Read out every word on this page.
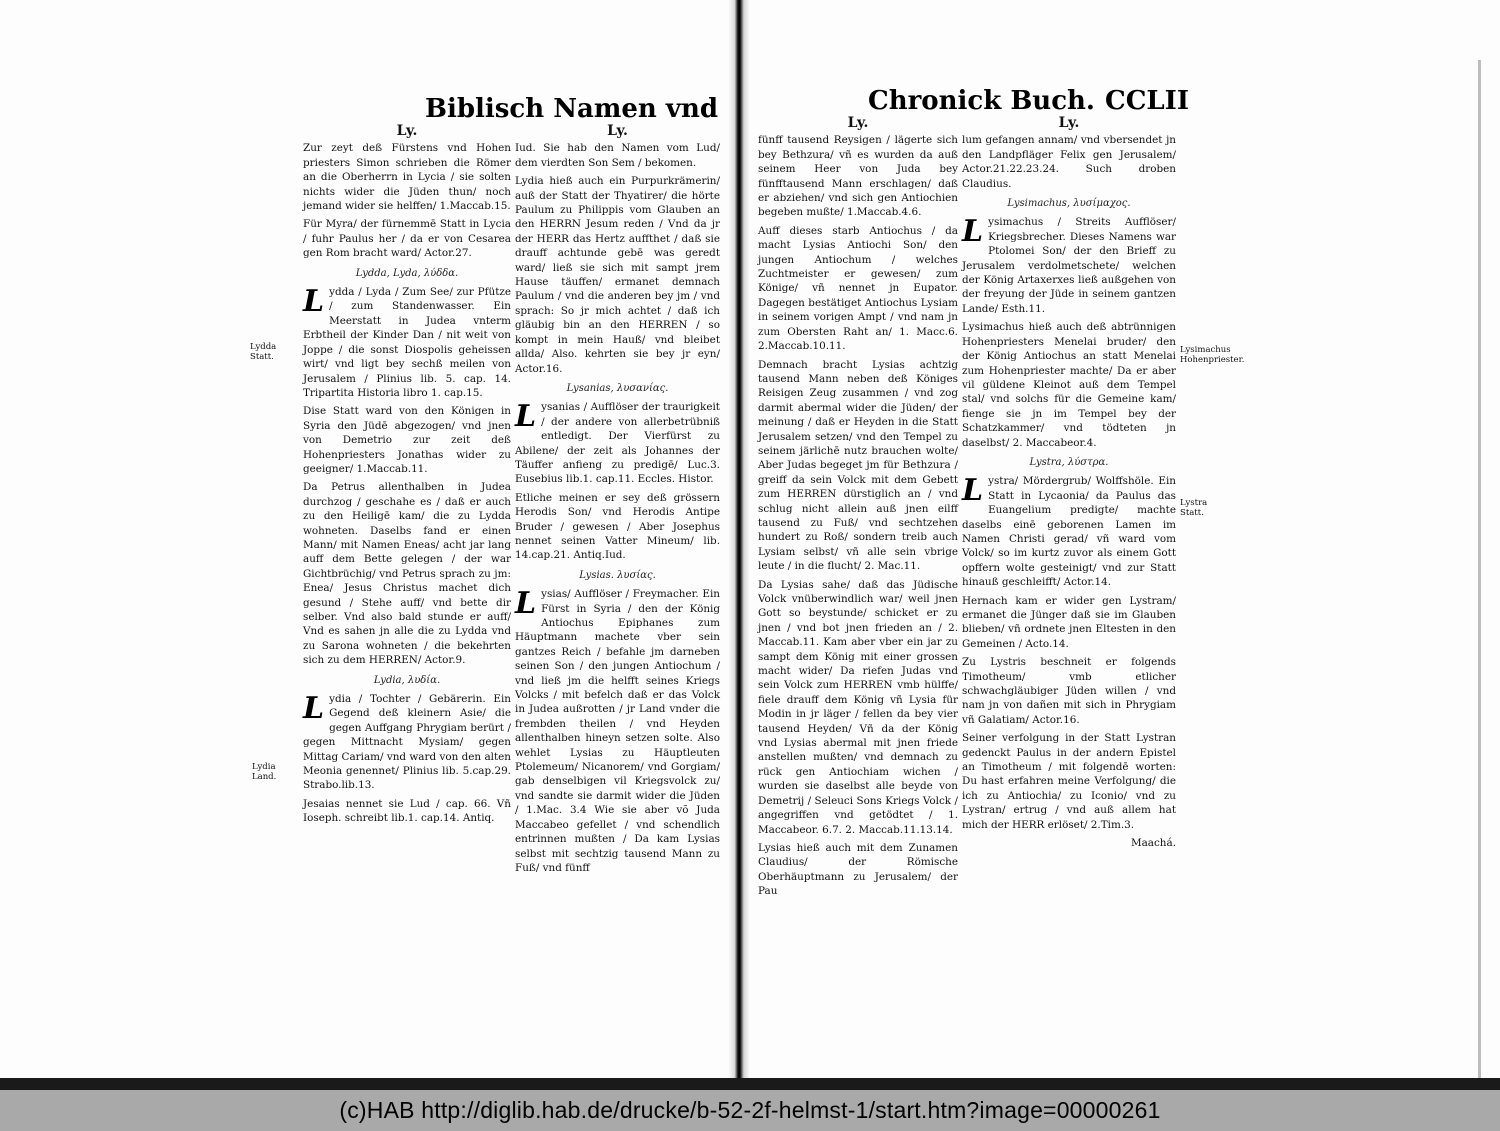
Biblisch Namen vnd
Lydda Statt.
Lydia Land.
Ly.

Zur zeyt deß Fürstens vnd Hohen priesters Simon schrieben die Römer an die Oberherrn in Lycia / sie solten nichts wider die Jüden thun/ noch jemand wider sie helffen/ 1.Maccab.15.

Für Myra/ der fürnemmē Statt in Lycia / fuhr Paulus her / da er von Cesarea gen Rom bracht ward/ Actor.27.

Lydda, Lyda, λύδδα.

Lydda / Lyda / Zum See/ zur Pfütze / zum Standenwasser. Ein Meerstatt in Judea vnterm Erbtheil der Kinder Dan / nit weit von Joppe / die sonst Diospolis geheissen wirt/ vnd ligt bey sechß meilen von Jerusalem / Plinius lib. 5. cap. 14. Tripartita Historia libro 1. cap.15.

Dise Statt ward von den Königen in Syria den Jüdē abgezogen/ vnd jnen von Demetrio zur zeit deß Hohenpriesters Jonathas wider zu geeigner/ 1.Maccab.11.

Da Petrus allenthalben in Judea durchzog / geschahe es / daß er auch zu den Heiligē kam/ die zu Lydda wohneten. Daselbs fand er einen Mann/ mit Namen Eneas/ acht jar lang auff dem Bette gelegen / der war Gichtbrüchig/ vnd Petrus sprach zu jm: Enea/ Jesus Christus machet dich gesund / Stehe auff/ vnd bette dir selber. Vnd also bald stunde er auff/ Vnd es sahen jn alle die zu Lydda vnd zu Sarona wohneten / die bekehrten sich zu dem HERREN/ Actor.9.

Lydia, λυδία.

Lydia / Tochter / Gebärerin. Ein Gegend deß kleinern Asie/ die gegen Auffgang Phrygiam berürt / gegen Mittnacht Mysiam/ gegen Mittag Cariam/ vnd ward von den alten Meonia genennet/ Plinius lib. 5.cap.29. Strabo.lib.13.

Jesaias nennet sie Lud / cap. 66. Vñ Ioseph. schreibt lib.1. cap.14. Antiq.

Ly.

Iud. Sie hab den Namen vom Lud/ dem vierdten Son Sem / bekomen.

Lydia hieß auch ein Purpurkrämerin/ auß der Statt der Thyatirer/ die hörte Paulum zu Philippis vom Glauben an den HERRN Jesum reden / Vnd da jr der HERR das Hertz auffthet / daß sie drauff achtunde gebē was geredt ward/ ließ sie sich mit sampt jrem Hause täuffen/ ermanet demnach Paulum / vnd die anderen bey jm / vnd sprach: So jr mich achtet / daß ich gläubig bin an den HERREN / so kompt in mein Hauß/ vnd bleibet allda/ Also. kehrten sie bey jr eyn/ Actor.16.

Lysanias, λυσανίας.

Lysanias / Aufflöser der traurigkeit / der andere von allerbetrübniß entledigt. Der Vierfürst zu Abilene/ der zeit als Johannes der Täuffer anfieng zu predigē/ Luc.3. Eusebius lib.1. cap.11. Eccles. Histor.

Etliche meinen er sey deß grössern Herodis Son/ vnd Herodis Antipe Bruder / gewesen / Aber Josephus nennet seinen Vatter Mineum/ lib. 14.cap.21. Antiq.Iud.

Lysias. λυσίας.

Lysias/ Aufflöser / Freymacher. Ein Fürst in Syria / den der König Antiochus Epiphanes zum Häuptmann machete vber sein gantzes Reich / befahle jm darneben seinen Son / den jungen Antiochum / vnd ließ jm die helfft seines Kriegs Volcks / mit befelch daß er das Volck in Judea außrotten / jr Land vnder die frembden theilen / vnd Heyden allenthalben hineyn setzen solte. Also wehlet Lysias zu Häuptleuten Ptolemeum/ Nicanorem/ vnd Gorgiam/ gab denselbigen vil Kriegsvolck zu/ vnd sandte sie darmit wider die Jüden / 1.Mac. 3.4 Wie sie aber võ Juda Maccabeo gefellet / vnd schendlich entrinnen mußten / Da kam Lysias selbst mit sechtzig tausend Mann zu Fuß/ vnd fünff

Chronick Buch. CCLII
Lysimachus Hohenpriester.
Lystra Statt.
Ly.

fünff tausend Reysigen / lägerte sich bey Bethzura/ vñ es wurden da auß seinem Heer von Juda bey fünfftausend Mann erschlagen/ daß er abziehen/ vnd sich gen Antiochien begeben mußte/ 1.Maccab.4.6.

Auff dieses starb Antiochus / da macht Lysias Antiochi Son/ den jungen Antiochum / welches Zuchtmeister er gewesen/ zum Könige/ vñ nennet jn Eupator. Dagegen bestätiget Antiochus Lysiam in seinem vorigen Ampt / vnd nam jn zum Obersten Raht an/ 1. Macc.6. 2.Maccab.10.11.

Demnach bracht Lysias achtzig tausend Mann neben deß Königes Reisigen Zeug zusammen / vnd zog darmit abermal wider die Jüden/ der meinung / daß er Heyden in die Statt Jerusalem setzen/ vnd den Tempel zu seinem järlichē nutz brauchen wolte/ Aber Judas begeget jm für Bethzura / greiff da sein Volck mit dem Gebett zum HERREN dürstiglich an / vnd schlug nicht allein auß jnen eilff tausend zu Fuß/ vnd sechtzehen hundert zu Roß/ sondern treib auch Lysiam selbst/ vñ alle sein vbrige leute / in die flucht/ 2. Mac.11.

Da Lysias sahe/ daß das Jüdische Volck vnüberwindlich war/ weil jnen Gott so beystunde/ schicket er zu jnen / vnd bot jnen frieden an / 2. Maccab.11. Kam aber vber ein jar zu sampt dem König mit einer grossen macht wider/ Da riefen Judas vnd sein Volck zum HERREN vmb hülffe/ fiele drauff dem König vñ Lysia für Modin in jr läger / fellen da bey vier tausend Heyden/ Vñ da der König vnd Lysias abermal mit jnen friede anstellen mußten/ vnd demnach zu rück gen Antiochiam wichen / wurden sie daselbst alle beyde von Demetrij / Seleuci Sons Kriegs Volck / angegriffen vnd getödtet / 1. Maccabeor. 6.7. 2. Maccab.11.13.14.

Lysias hieß auch mit dem Zunamen Claudius/ der Römische Oberhäuptmann zu Jerusalem/ der Pau

Ly.

lum gefangen annam/ vnd vbersendet jn den Landpfläger Felix gen Jerusalem/ Actor.21.22.23.24. Such droben Claudius.

Lysimachus, λυσίμαχος.

Lysimachus / Streits Aufflöser/ Kriegsbrecher. Dieses Namens war Ptolomei Son/ der den Brieff zu Jerusalem verdolmetschete/ welchen der König Artaxerxes ließ außgehen von der freyung der Jüde in seinem gantzen Lande/ Esth.11.

Lysimachus hieß auch deß abtrünnigen Hohenpriesters Menelai bruder/ den der König Antiochus an statt Menelai zum Hohenpriester machte/ Da er aber vil güldene Kleinot auß dem Tempel stal/ vnd solchs für die Gemeine kam/ fienge sie jn im Tempel bey der Schatzkammer/ vnd tödteten jn daselbst/ 2. Maccabeor.4.

Lystra, λύστρα.

Lystra/ Mördergrub/ Wolffshöle. Ein Statt in Lycaonia/ da Paulus das Euangelium predigte/ machte daselbs einē geborenen Lamen im Namen Christi gerad/ vñ ward vom Volck/ so im kurtz zuvor als einem Gott opffern wolte gesteinigt/ vnd zur Statt hinauß geschleifft/ Actor.14.

Hernach kam er wider gen Lystram/ ermanet die Jünger daß sie im Glauben blieben/ vñ ordnete jnen Eltesten in den Gemeinen / Acto.14.

Zu Lystris beschneit er folgends Timotheum/ vmb etlicher schwachgläubiger Jüden willen / vnd nam jn von dañen mit sich in Phrygiam vñ Galatiam/ Actor.16.

Seiner verfolgung in der Statt Lystran gedenckt Paulus in der andern Epistel an Timotheum / mit folgendē worten: Du hast erfahren meine Verfolgung/ die ich zu Antiochia/ zu Iconio/ vnd zu Lystran/ ertrug / vnd auß allem hat mich der HERR erlöset/ 2.Tim.3.

Maachá.

(c)HAB http://diglib.hab.de/drucke/b-52-2f-helmst-1/start.htm?image=00000261
